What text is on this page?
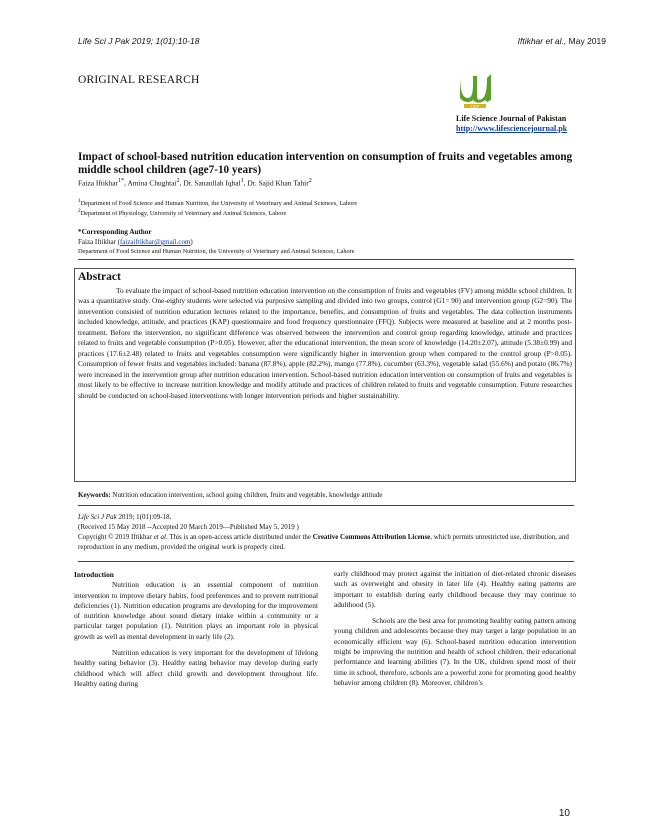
Life Sci J Pak 2019; 1(01):10-18	Iftikhar et al., May 2019
ORIGINAL RESEARCH
LSJP
Life Science Journal of Pakistan
http://www.lifesciencejournal.pk
Impact of school-based nutrition education intervention on consumption of fruits and vegetables among middle school children (age7-10 years)
Faiza Iftikhar$^{1*}$, Amina Chughtai$^2$, Dr. Sanaullah Iqbal$^1$, Dr. Sajid Khan Tahir$^2$
$^1$Department of Food Science and Human Nutrition, the University of Veterinary and Animal Sciences, Lahore
$^2$Department of Physiology, University of Veterinary and Animal Sciences, Lahore
*Corresponding Author
Faiza Iftikhar (faizaiftikhar@gmail.com)
Department of Food Science and Human Nutrition, the University of Veterinary and Animal Sciences, Lahore
Abstract
To evaluate the impact of school-based nutrition education intervention on the consumption of fruits and vegetables (FV) among middle school children. It was a quantitative study. One-eighty students were selected via purposive sampling and divided into two groups, control (G1= 90) and intervention group (G2=90). The intervention consisted of nutrition education lectures related to the importance, benefits, and consumption of fruits and vegetables. The data collection instruments included knowledge, attitude, and practices (KAP) questionnaire and food frequency questionnaire (FFQ). Subjects were measured at baseline and at 2 months post-treatment. Before the intervention, no significant difference was observed between the intervention and control group regarding knowledge, attitude and practices related to fruits and vegetable consumption (P>0.05). However, after the educational intervention, the mean score of knowledge (14.20±2.07), attitude (5.38±0.99) and practices (17.6±2.48) related to fruits and vegetables consumption were significantly higher in intervention group when compared to the control group (P>0.05). Consumption of fewer fruits and vegetables included: banana (87.8%), apple (82.2%), mango (77.8%), cucumber (63.3%), vegetable salad (55.6%) and potato (86.7%) were increased in the intervention group after nutrition education intervention. School-based nutrition education intervention on consumption of fruits and vegetables is most likely to be effective to increase nutrition knowledge and modify attitude and practices of children related to fruits and vegetable consumption. Future researches should be conducted on school-based interventions with longer intervention periods and higher sustainability.
Keywords: Nutrition education intervention, school going children, fruits and vegetable, knowledge attitude
Life Sci J Pak 2019; 1(01):09-18.
(Received 15 May 2018 --Accepted 20 March 2019—Published May 5, 2019 )
Copyright © 2019 Iftikhar et al. This is an open-access article distributed under the Creative Commons Attribution License, which permits unrestricted use, distribution, and reproduction in any medium, provided the original work is properly cited.

Introduction

Nutrition education is an essential component of nutrition intervention to improve dietary habits, food preferences and to prevent nutritional deficiencies (1). Nutrition education programs are developing for the improvement of nutrition knowledge about sound dietary intake within a community or a particular target population (1). Nutrition plays an important role in physical growth as well as mental development in early life (2).

Nutrition education is very important for the development of lifelong healthy eating behavior (3). Healthy eating behavior may develop during early childhood which will affect child growth and development throughout life. Healthy eating during

early childhood may protect against the initiation of diet-related chronic diseases such as overweight and obesity in later life (4). Healthy eating patterns are important to establish during early childhood because they may continue to adulthood (5).

Schools are the best area for promoting healthy eating pattern among young children and adolescents because they may target a large population in an economically efficient way (6). School-based nutrition education intervention might be improving the nutrition and health of school children, their educational performance and learning abilities (7). In the UK, children spend most of their time in school, therefore, schools are a powerful zone for promoting good healthy behavior among children (8). Moreover, children’s

10
